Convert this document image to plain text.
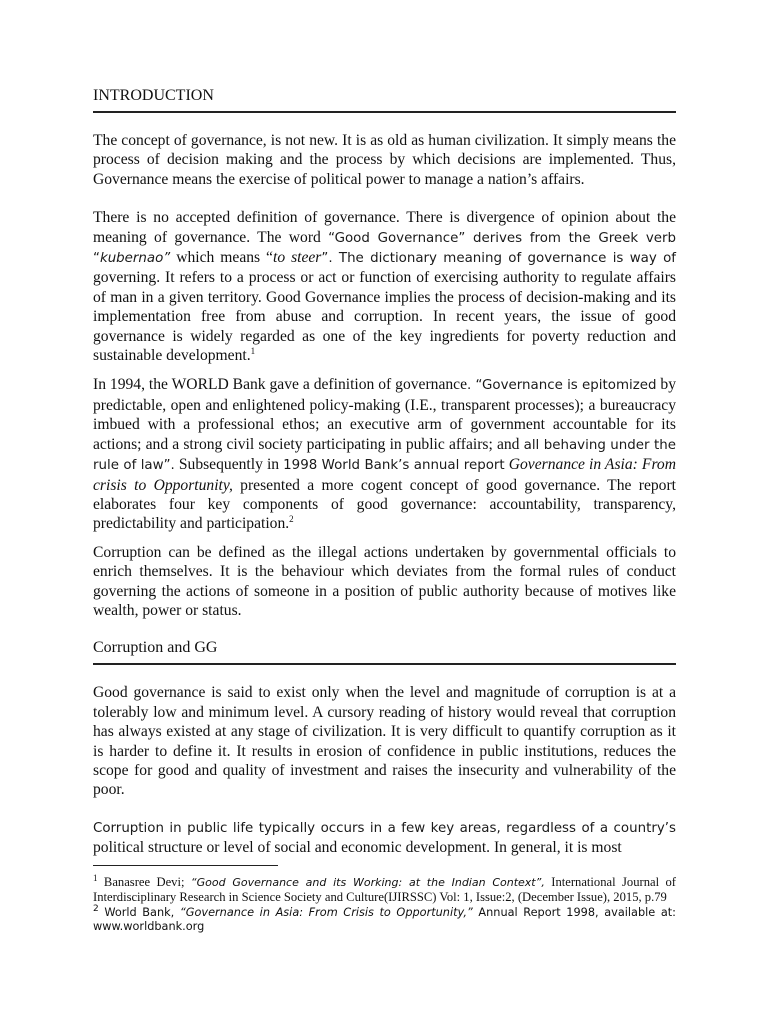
INTRODUCTION

The concept of governance, is not new. It is as old as human civilization. It simply means the process of decision making and the process by which decisions are implemented. Thus, Governance means the exercise of political power to manage a nation’s affairs.

There is no accepted definition of governance. There is divergence of opinion about the meaning of governance. The word “Good Governance” derives from the Greek verb “kubernao” which means “to steer”. The dictionary meaning of governance is way of governing. It refers to a process or act or function of exercising authority to regulate affairs of man in a given territory. Good Governance implies the process of decision-making and its implementation free from abuse and corruption. In recent years, the issue of good governance is widely regarded as one of the key ingredients for poverty reduction and sustainable development.$^1$

In 1994, the WORLD Bank gave a definition of governance. “Governance is epitomized by predictable, open and enlightened policy-making (I.E., transparent processes); a bureaucracy imbued with a professional ethos; an executive arm of government accountable for its actions; and a strong civil society participating in public affairs; and all behaving under the rule of law”. Subsequently in 1998 World Bank’s annual report Governance in Asia: From crisis to Opportunity, presented a more cogent concept of good governance. The report elaborates four key components of good governance: accountability, transparency, predictability and participation.$^2$

Corruption can be defined as the illegal actions undertaken by governmental officials to enrich themselves. It is the behaviour which deviates from the formal rules of conduct governing the actions of someone in a position of public authority because of motives like wealth, power or status.

Corruption and GG

Good governance is said to exist only when the level and magnitude of corruption is at a tolerably low and minimum level. A cursory reading of history would reveal that corruption has always existed at any stage of civilization. It is very difficult to quantify corruption as it is harder to define it. It results in erosion of confidence in public institutions, reduces the scope for good and quality of investment and raises the insecurity and vulnerability of the poor.

Corruption in public life typically occurs in a few key areas, regardless of a country’s political structure or level of social and economic development. In general, it is most

$^1$ Banasree Devi; “Good Governance and its Working: at the Indian Context”, International Journal of Interdisciplinary Research in Science Society and Culture(IJIRSSC) Vol: 1, Issue:2, (December Issue), 2015, p.79

$^2$ World Bank, “Governance in Asia: From Crisis to Opportunity,” Annual Report 1998, available at: www.worldbank.org
